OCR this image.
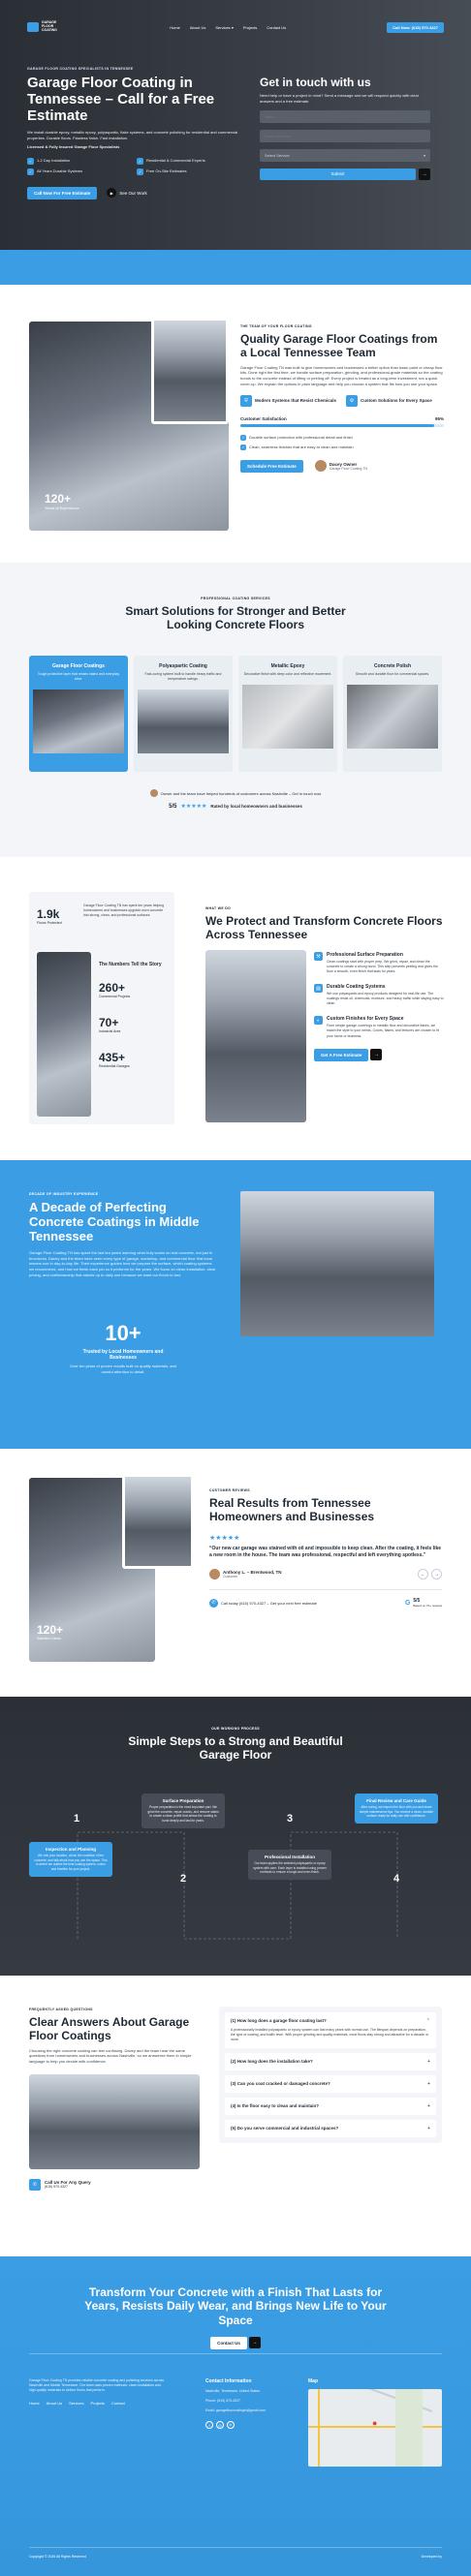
GARAGE FLOOR COATING
Home	About Us	Services ▾	Projects	Contact Us	Call Now: (615) 570-4327
GARAGE FLOOR COATING SPECIALISTS IN TENNESSEE
Garage Floor Coating in Tennessee – Call for a Free Estimate
We install durable epoxy, metallic epoxy, polyaspartic, flake systems, and concrete polishing for residential and commercial properties. Durable floors. Flawless finish. Fast installation.
Licensed & Fully Insured Garage Floor Specialists
✓	1-2 Day Installation	✓	Residential & Commercial Experts
✓	All Years Durable Systems	✓	Free On-Site Estimates
Call Now For Free Estimate	▶	See Our Work
Get in touch with us
Need help or have a project in mind? Send a message and we will respond quickly with clear answers and a free estimate.
Name
Phone Number
Select Service	▾
Submit	→
120+
Years of Experience
THE TEAM OF YOUR FLOOR COATING
Quality Garage Floor Coatings from a Local Tennessee Team
Garage Floor Coating TN was built to give homeowners and businesses a better option than basic paint or cheap floor kits. Done right the first time, we handle surface preparation, grinding, and professional-grade materials so the coating bonds to the concrete instead of lifting or peeling off. Every project is treated as a long-term investment, not a quick cover-up. We explain the options in plain language and help you choose a system that fits how you use your space.
⛨	Modern Systems that Resist Chemicals	⚙	Custom Solutions for Every Space
Customer Satisfaction	95%
✓	Durable surface protection with professional detail and finish
✓	Clean, seamless finishes that are easy to clean and maintain
Schedule Free Estimate	Dacey Owner
Garage Floor Coating TN
PROFESSIONAL COATING SERVICES
Smart Solutions for Stronger and Better Looking Concrete Floors
Garage Floor Coatings
Tough protective layer that resists stains and everyday wear.
Polyaspartic Coating
Fast-curing system built to handle heavy traffic and temperature swings.
Metallic Epoxy
Decorative finish with deep color and reflective movement.
Concrete Polish
Smooth and durable floor for commercial spaces.
Owner and the team have helped hundreds of customers across Nashville – Get in touch now
5/5 ★★★★★ Rated by local homeowners and businesses
1.9k
Floors Protected
Garage Floor Coating TN has spent ten years helping homeowners and businesses upgrade worn concrete into strong, clean, and professional surfaces.
The Numbers Tell the Story
260+
Commercial Projects
70+
Industrial Area
435+
Residential Garages
WHAT WE DO
We Protect and Transform Concrete Floors Across Tennessee
⚒	Professional Surface Preparation
Clean coatings start with proper prep. We grind, repair, and clean the concrete to create a strong bond. This step prevents peeling and gives the floor a smooth, even finish that lasts for years.
▤	Durable Coating Systems
We use polyaspartic and epoxy products designed for real-life use. The coatings resist oil, chemicals, moisture, and heavy traffic while staying easy to clean.
◐	Custom Finishes for Every Space
From simple garage coverings to metallic floor and decorative flakes, we match the style to your needs. Colors, flakes, and textures are chosen to fit your home or business.
Get A Free Estimate	→
DECADE OF INDUSTRY EXPERIENCE
A Decade of Perfecting Concrete Coatings in Middle Tennessee
Garage Floor Coating TN has spent the last ten years learning what truly works on real concrete, not just in brochures. Dacey and the team have seen every type of garage, workshop, and commercial floor that local owners use in day-to-day life. Their experience guides how we prepare the surface, which coating systems we recommend, and how we finish each job so it performs for the years. We focus on clean installation, clear pricing, and craftsmanship that stands up to daily use because we want our floors to last.
10+
Trusted by Local Homeowners and Businesses
Over ten years of proven results built on quality materials, and careful attention to detail.
120+
Satisfied Clients
CUSTOMER REVIEWS
Real Results from Tennessee Homeowners and Businesses
★★★★★
“Our new car garage was stained with oil and impossible to keep clean. After the coating, it feels like a new room in the house. The team was professional, respectful and left everything spotless.”
Anthony L. – Brentwood, TN
Customer	←	→
✆	Call today (615) 570-4327 – Get your next free estimate	G 5/5
Based on 70+ reviews
OUR WORKING PROCESS
Simple Steps to a Strong and Beautiful Garage Floor
1
2
3
4
Inspection and Planning
We visit your location, check the condition of the concrete, and talk about how you use the space. This is where we outline the best coating system, colors and timeline for your project.
Surface Preparation
Proper preparation is the most important part. We grind the concrete, repair cracks, and remove stains to create a clean profile that allows the coating to bond deeply and last for years.
Professional Installation
Our team applies the selected polyaspartic or epoxy system with care. Each layer is installed using proven methods to ensure a tough and even finish.
Final Review and Care Guide
After curing, we inspect the floor with you and share simple maintenance tips. You receive a clean, durable surface ready for daily use with confidence.
FREQUENTLY ASKED QUESTIONS
Clear Answers About Garage Floor Coatings
Choosing the right concrete coating can feel confusing. Dacey and the team hear the same questions from homeowners and businesses across Nashville, so we answered them in simple language to help you decide with confidence.
✆	Call Us For Any Query
(615) 570-4327
(1) How long does a garage floor coating last?	⌃
A professionally installed polyaspartic or epoxy system can last many years with normal use. The lifespan depends on preparation, the type of coating, and traffic level. With proper grinding and quality materials, most floors stay strong and attractive for a decade or more.
(2) How long does the installation take?	+
(3) Can you coat cracked or damaged concrete?	+
(4) Is the floor easy to clean and maintain?	+
(5) Do you serve commercial and industrial spaces?	+
Transform Your Concrete with a Finish That Lasts for Years, Resists Daily Wear, and Brings New Life to Your Space
Contact Us	→
Garage Floor Coating TN provides reliable concrete coating and polishing services across Nashville and Middle Tennessee. Our team uses proven methods, clean installation and high-quality materials to deliver floors that perform.
Home About Us Services Projects Contact
Contact Information
Nashville, Tennessee, United States
Phone: (615) 570-4327
Email: garagefloorcoatingtn@gmail.com
f	◎	in
Map
●
Copyright © 2026 All Rights Reserved	Developed by
